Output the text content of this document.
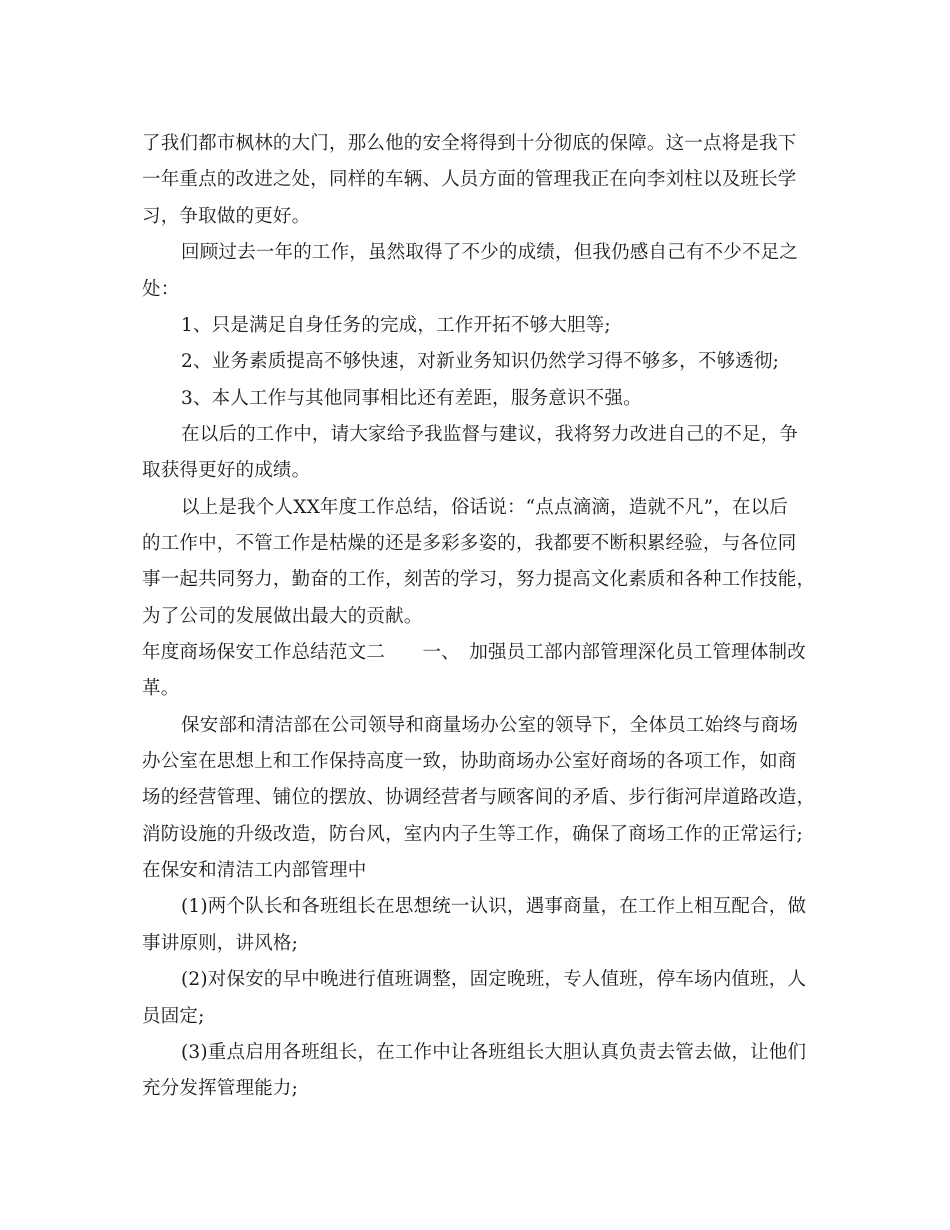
了我们都市枫林的大门，那么他的安全将得到十分彻底的保障。这一点将是我下
一年重点的改进之处，同样的车辆、人员方面的管理我正在向李刘柱以及班长学
习，争取做的更好。
回顾过去一年的工作，虽然取得了不少的成绩，但我仍感自己有不少不足之
处：
1、只是满足自身任务的完成，工作开拓不够大胆等;
2、业务素质提高不够快速，对新业务知识仍然学习得不够多，不够透彻;
3、本人工作与其他同事相比还有差距，服务意识不强。
在以后的工作中，请大家给予我监督与建议，我将努力改进自己的不足，争
取获得更好的成绩。
以上是我个人XX年度工作总结，俗话说：“点点滴滴，造就不凡”，在以后
的工作中，不管工作是枯燥的还是多彩多姿的，我都要不断积累经验，与各位同
事一起共同努力，勤奋的工作，刻苦的学习，努力提高文化素质和各种工作技能，
为了公司的发展做出最大的贡献。
年度商场保安工作总结范文二　　一、　加强员工部内部管理深化员工管理体制改
革。
保安部和清洁部在公司领导和商量场办公室的领导下，全体员工始终与商场
办公室在思想上和工作保持高度一致，协助商场办公室好商场的各项工作，如商
场的经营管理、铺位的摆放、协调经营者与顾客间的矛盾、步行街河岸道路改造，
消防设施的升级改造，防台风，室内内子生等工作，确保了商场工作的正常运行;
在保安和清洁工内部管理中
(1)两个队长和各班组长在思想统一认识，遇事商量，在工作上相互配合，做
事讲原则，讲风格;
(2)对保安的早中晚进行值班调整，固定晚班，专人值班，停车场内值班，人
员固定;
(3)重点启用各班组长，在工作中让各班组长大胆认真负责去管去做，让他们
充分发挥管理能力;
